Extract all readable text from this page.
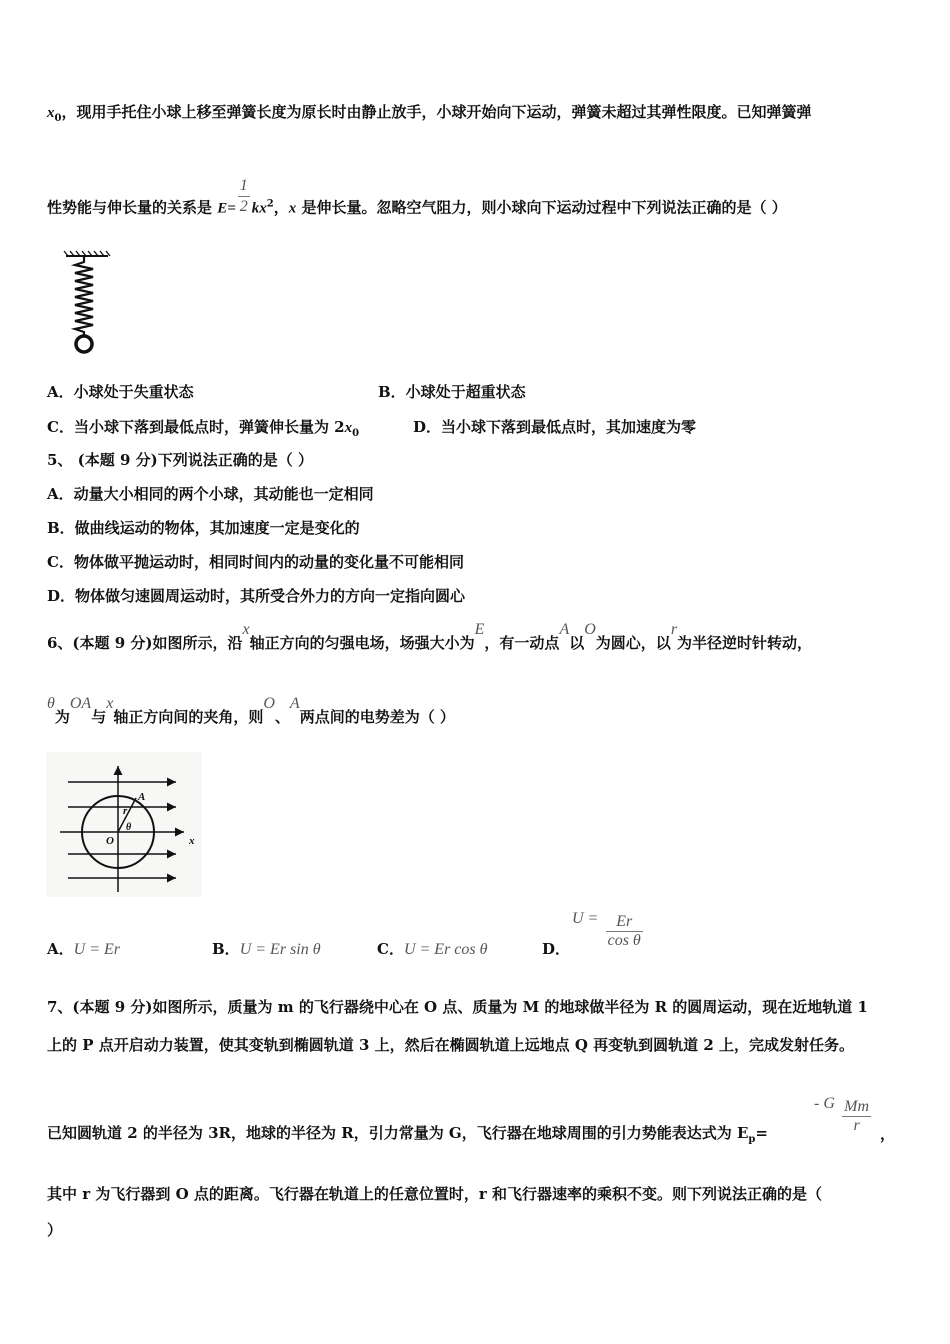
$x_0$，现用手托住小球上移至弹簧长度为原长时由静止放手，小球开始向下运动，弹簧未超过其弹性限度。已知弹簧弹
性势能与伸长量的关系是 $E= \frac{1}{2} kx^2$，x 是伸长量。忽略空气阻力，则小球向下运动过程中下列说法正确的是（ ）
A．小球处于失重状态	B．小球处于超重状态
C．当小球下落到最低点时，弹簧伸长量为 $2x_0$	D．当小球下落到最低点时，其加速度为零
5、 (本题 9 分)下列说法正确的是（ ）
A．动量大小相同的两个小球，其动能也一定相同
B．做曲线运动的物体，其加速度一定是变化的
C．物体做平抛运动时，相同时间内的动量的变化量不可能相同
D．物体做匀速圆周运动时，其所受合外力的方向一定指向圆心
6、(本题 9 分)如图所示，沿x轴正方向的匀强电场，场强大小为E，有一动点A以O为圆心，以r为半径逆时针转动，
θ为OA与x轴正方向间的夹角，则O、A两点间的电势差为（ ）
A
r
θ
O	x
A．U = Er	B．U = Er sin θ	C．U = Er cos θ	D．
$U = \frac{Er}{\text{cos θ}}$
7、(本题 9 分)如图所示，质量为 m 的飞行器绕中心在 O 点、质量为 M 的地球做半径为 R 的圆周运动，现在近地轨道 1
上的 P 点开启动力装置，使其变轨到椭圆轨道 3 上，然后在椭圆轨道上远地点 Q 再变轨到圆轨道 2 上，完成发射任务。
已知圆轨道 2 的半径为 3R，地球的半径为 R，引力常量为 G，飞行器在地球周围的引力势能表达式为 $E_p=$
- G $\frac{Mm}{r}$ ，
其中 r 为飞行器到 O 点的距离。飞行器在轨道上的任意位置时，r 和飞行器速率的乘积不变。则下列说法正确的是（
）
